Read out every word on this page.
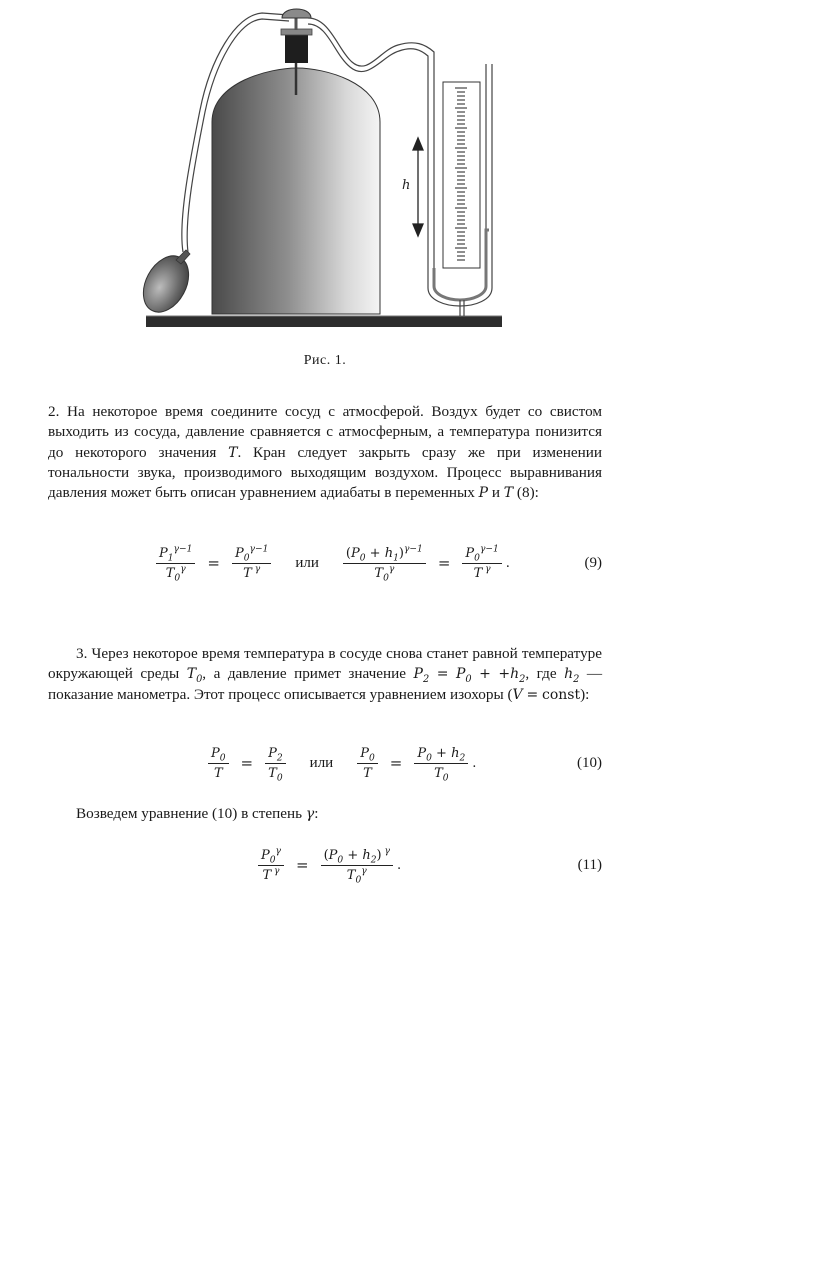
h
Рис. 1.
2. На некоторое время соедините сосуд с атмосферой. Воздух будет со свистом выходить из сосуда, давление сравняется с атмосферным, а температура понизится до некоторого значения T. Кран следует закрыть сразу же при изменении тональности звука, производимого выходящим воздухом. Процесс выравнивания давления может быть описан уравнением адиабаты в переменных P и T (8):
$\frac{P_1^{\gamma-1}}{T_0^\gamma} = \frac{P_0^{\gamma-1}}{T ^\gamma}$	или	$\frac{(P_0 + h_1)^{\gamma-1}}{T_0^\gamma} = \frac{P_0^{\gamma-1}}{T ^\gamma}$ .	(9)
3. Через некоторое время температура в сосуде снова станет равной температуре окружающей среды $T_0$, а давление примет значение $P_2 = P_0 + +h_2$, где $h_2$ — показание манометра. Этот процесс описывается уравнением изохоры (V = const):
$\frac{P_0}{T} = \frac{P_2}{T_0}$	или	$\frac{P_0}{T} = \frac{P_0 + h_2}{T_0}$ .	(10)
Возведем уравнение (10) в степень γ:
$\frac{P_0^\gamma}{T ^\gamma} = \frac{(P_0 + h_2) ^\gamma}{T_0^\gamma}$ .	(11)
